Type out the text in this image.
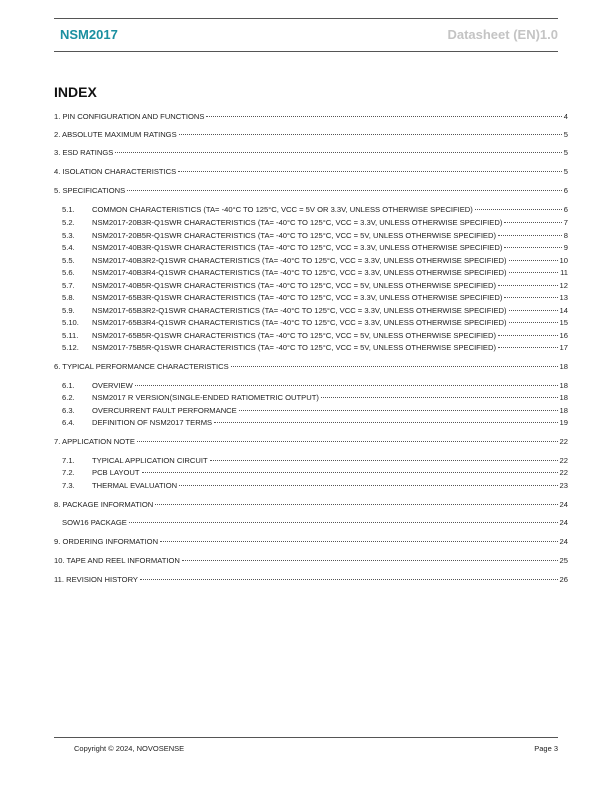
NSM2017	Datasheet (EN)1.0
INDEX
1. PIN CONFIGURATION AND FUNCTIONS	4
2. ABSOLUTE MAXIMUM RATINGS	5
3. ESD RATINGS	5
4. ISOLATION CHARACTERISTICS	5
5. SPECIFICATIONS	6
5.1.	COMMON CHARACTERISTICS (TA= -40°C TO 125°C, VCC = 5V OR 3.3V, UNLESS OTHERWISE SPECIFIED)	6
5.2.	NSM2017-20B3R-Q1SWR CHARACTERISTICS (TA= -40°C TO 125°C, VCC = 3.3V, UNLESS OTHERWISE SPECIFIED)	7
5.3.	NSM2017-20B5R-Q1SWR CHARACTERISTICS (TA= -40°C TO 125°C, VCC = 5V, UNLESS OTHERWISE SPECIFIED)	8
5.4.	NSM2017-40B3R-Q1SWR CHARACTERISTICS (TA= -40°C TO 125°C, VCC = 3.3V, UNLESS OTHERWISE SPECIFIED)	9
5.5.	NSM2017-40B3R2-Q1SWR CHARACTERISTICS (TA= -40°C TO 125°C, VCC = 3.3V, UNLESS OTHERWISE SPECIFIED)	10
5.6.	NSM2017-40B3R4-Q1SWR CHARACTERISTICS (TA= -40°C TO 125°C, VCC = 3.3V, UNLESS OTHERWISE SPECIFIED)	11
5.7.	NSM2017-40B5R-Q1SWR CHARACTERISTICS (TA= -40°C TO 125°C, VCC = 5V, UNLESS OTHERWISE SPECIFIED)	12
5.8.	NSM2017-65B3R-Q1SWR CHARACTERISTICS (TA= -40°C TO 125°C, VCC = 3.3V, UNLESS OTHERWISE SPECIFIED)	13
5.9.	NSM2017-65B3R2-Q1SWR CHARACTERISTICS (TA= -40°C TO 125°C, VCC = 3.3V, UNLESS OTHERWISE SPECIFIED)	14
5.10.	NSM2017-65B3R4-Q1SWR CHARACTERISTICS (TA= -40°C TO 125°C, VCC = 3.3V, UNLESS OTHERWISE SPECIFIED)	15
5.11.	NSM2017-65B5R-Q1SWR CHARACTERISTICS (TA= -40°C TO 125°C, VCC = 5V, UNLESS OTHERWISE SPECIFIED)	16
5.12.	NSM2017-75B5R-Q1SWR CHARACTERISTICS (TA= -40°C TO 125°C, VCC = 5V, UNLESS OTHERWISE SPECIFIED)	17
6. TYPICAL PERFORMANCE CHARACTERISTICS	18
6.1.	OVERVIEW	18
6.2.	NSM2017 R VERSION(SINGLE-ENDED RATIOMETRIC OUTPUT)	18
6.3.	OVERCURRENT FAULT PERFORMANCE	18
6.4.	DEFINITION OF NSM2017 TERMS	19
7. APPLICATION NOTE	22
7.1.	TYPICAL APPLICATION CIRCUIT	22
7.2.	PCB LAYOUT	22
7.3.	THERMAL EVALUATION	23
8. PACKAGE INFORMATION	24
SOW16 PACKAGE	24
9. ORDERING INFORMATION	24
10. TAPE AND REEL INFORMATION	25
11. REVISION HISTORY	26
Copyright © 2024, NOVOSENSE	Page 3
